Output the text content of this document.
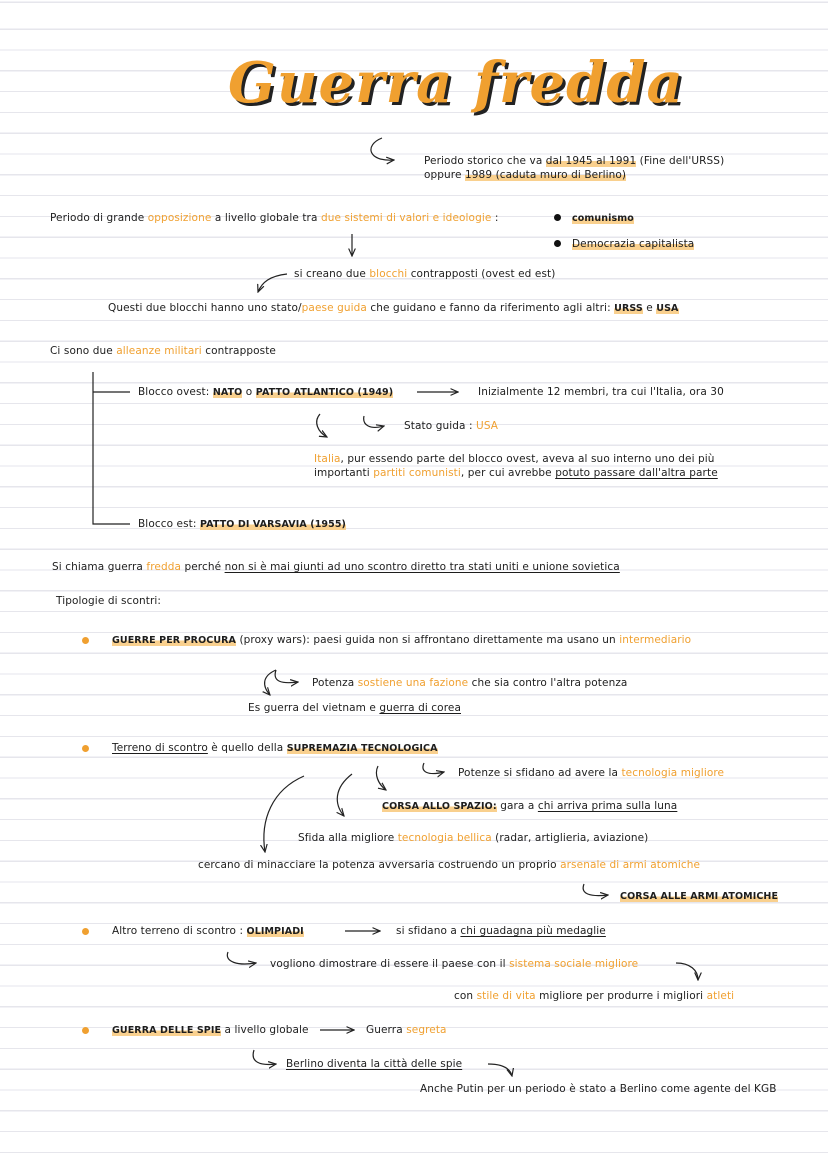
Guerra fredda
Periodo storico che va dal 1945 al 1991 (Fine dell'URSS)
oppure 1989 (caduta muro di Berlino)
Periodo di grande opposizione a livello globale tra due sistemi di valori e ideologie :	comunismo
Democrazia capitalista
si creano due blocchi contrapposti (ovest ed est)
Questi due blocchi hanno uno stato/paese guida che guidano e fanno da riferimento agli altri: URSS e USA
Ci sono due alleanze militari contrapposte
Blocco ovest: NATO o PATTO ATLANTICO (1949)	Inizialmente 12 membri, tra cui l'Italia, ora 30
Stato guida : USA
Italia, pur essendo parte del blocco ovest, aveva al suo interno uno dei più
importanti partiti comunisti, per cui avrebbe potuto passare dall'altra parte
Blocco est: PATTO DI VARSAVIA (1955)
Si chiama guerra fredda perché non si è mai giunti ad uno scontro diretto tra stati uniti e unione sovietica
Tipologie di scontri:
GUERRE PER PROCURA (proxy wars): paesi guida non si affrontano direttamente ma usano un intermediario
Potenza sostiene una fazione che sia contro l'altra potenza
Es guerra del vietnam e guerra di corea
Terreno di scontro è quello della SUPREMAZIA TECNOLOGICA
Potenze si sfidano ad avere la tecnologia migliore
CORSA ALLO SPAZIO: gara a chi arriva prima sulla luna
Sfida alla migliore tecnologia bellica (radar, artiglieria, aviazione)
cercano di minacciare la potenza avversaria costruendo un proprio arsenale di armi atomiche
CORSA ALLE ARMI ATOMICHE
Altro terreno di scontro : OLIMPIADI	si sfidano a chi guadagna più medaglie
vogliono dimostrare di essere il paese con il sistema sociale migliore
con stile di vita migliore per produrre i migliori atleti
GUERRA DELLE SPIE a livello globale	Guerra segreta
Berlino diventa la città delle spie
Anche Putin per un periodo è stato a Berlino come agente del KGB
